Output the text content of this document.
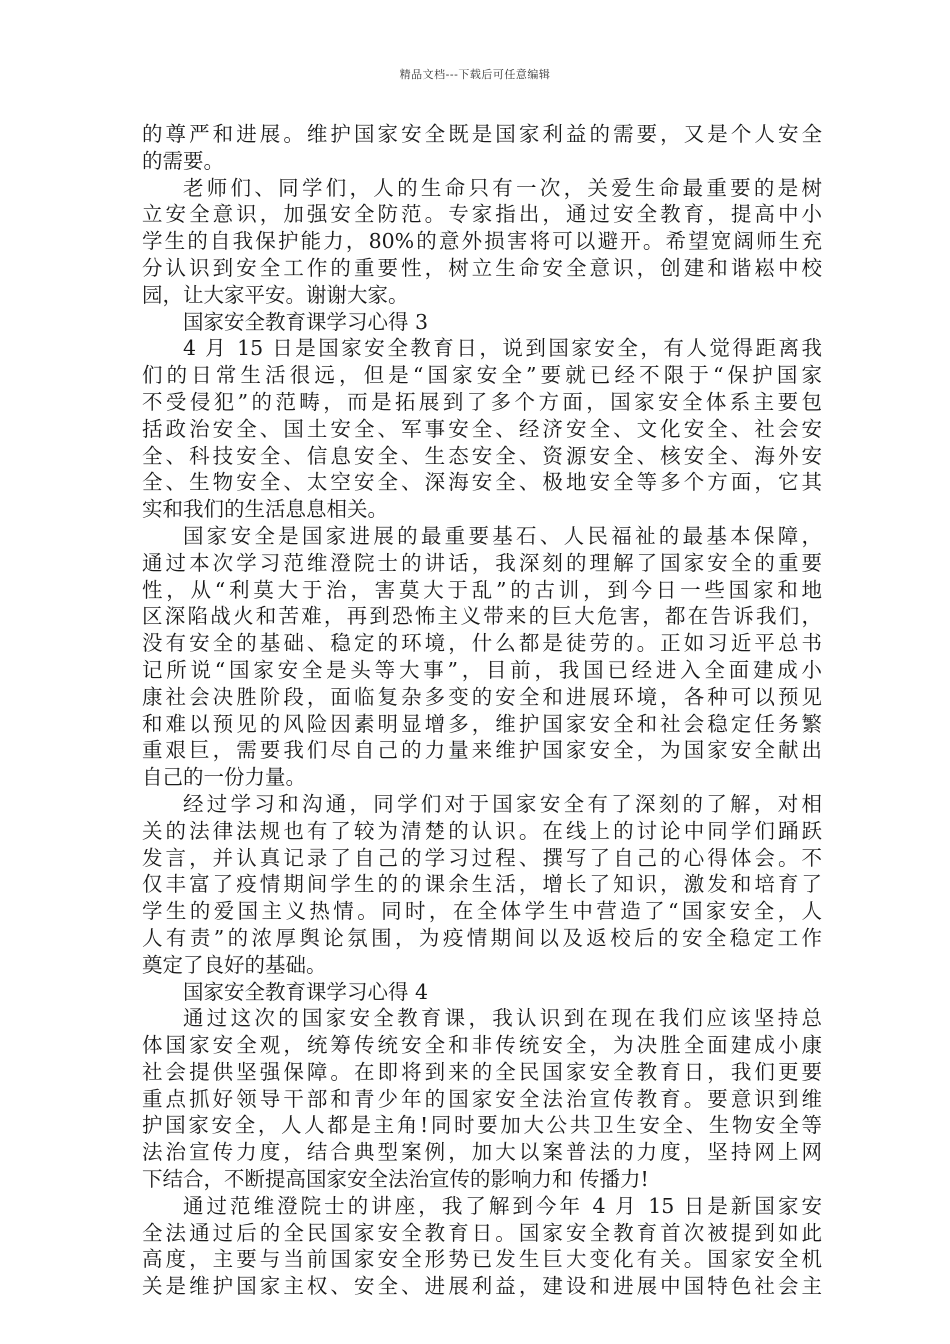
精品文档---下载后可任意编辑
的尊严和进展。维护国家安全既是国家利益的需要，又是个人安全
的需要。
老师们、同学们，人的生命只有一次，关爱生命最重要的是树
立安全意识，加强安全防范。专家指出，通过安全教育，提高中小
学生的自我保护能力，80%的意外损害将可以避开。希望宽阔师生充
分认识到安全工作的重要性，树立生命安全意识，创建和谐崧中校
园，让大家平安。谢谢大家。
国家安全教育课学习心得 3
4 月 15 日是国家安全教育日，说到国家安全，有人觉得距离我
们的日常生活很远，但是“国家安全”要就已经不限于“保护国家
不受侵犯”的范畴，而是拓展到了多个方面，国家安全体系主要包
括政治安全、国土安全、军事安全、经济安全、文化安全、社会安
全、科技安全、信息安全、生态安全、资源安全、核安全、海外安
全、生物安全、太空安全、深海安全、极地安全等多个方面，它其
实和我们的生活息息相关。
国家安全是国家进展的最重要基石、人民福祉的最基本保障，
通过本次学习范维澄院士的讲话，我深刻的理解了国家安全的重要
性，从“利莫大于治，害莫大于乱”的古训，到今日一些国家和地
区深陷战火和苦难，再到恐怖主义带来的巨大危害，都在告诉我们，
没有安全的基础、稳定的环境，什么都是徒劳的。正如习近平总书
记所说“国家安全是头等大事”，目前，我国已经进入全面建成小
康社会决胜阶段，面临复杂多变的安全和进展环境，各种可以预见
和难以预见的风险因素明显增多，维护国家安全和社会稳定任务繁
重艰巨，需要我们尽自己的力量来维护国家安全，为国家安全献出
自己的一份力量。
经过学习和沟通，同学们对于国家安全有了深刻的了解，对相
关的法律法规也有了较为清楚的认识。在线上的讨论中同学们踊跃
发言，并认真记录了自己的学习过程、撰写了自己的心得体会。不
仅丰富了疫情期间学生的的课余生活，增长了知识，激发和培育了
学生的爱国主义热情。同时，在全体学生中营造了“国家安全，人
人有责”的浓厚舆论氛围，为疫情期间以及返校后的安全稳定工作
奠定了良好的基础。
国家安全教育课学习心得 4
通过这次的国家安全教育课，我认识到在现在我们应该坚持总
体国家安全观，统筹传统安全和非传统安全，为决胜全面建成小康
社会提供坚强保障。在即将到来的全民国家安全教育日，我们更要
重点抓好领导干部和青少年的国家安全法治宣传教育。要意识到维
护国家安全，人人都是主角!同时要加大公共卫生安全、生物安全等
法治宣传力度，结合典型案例，加大以案普法的力度，坚持网上网
下结合，不断提高国家安全法治宣传的影响力和 传播力!
通过范维澄院士的讲座，我了解到今年 4 月 15 日是新国家安
全法通过后的全民国家安全教育日。国家安全教育首次被提到如此
高度，主要与当前国家安全形势已发生巨大变化有关。国家安全机
关是维护国家主权、安全、进展利益，建设和进展中国特色社会主
